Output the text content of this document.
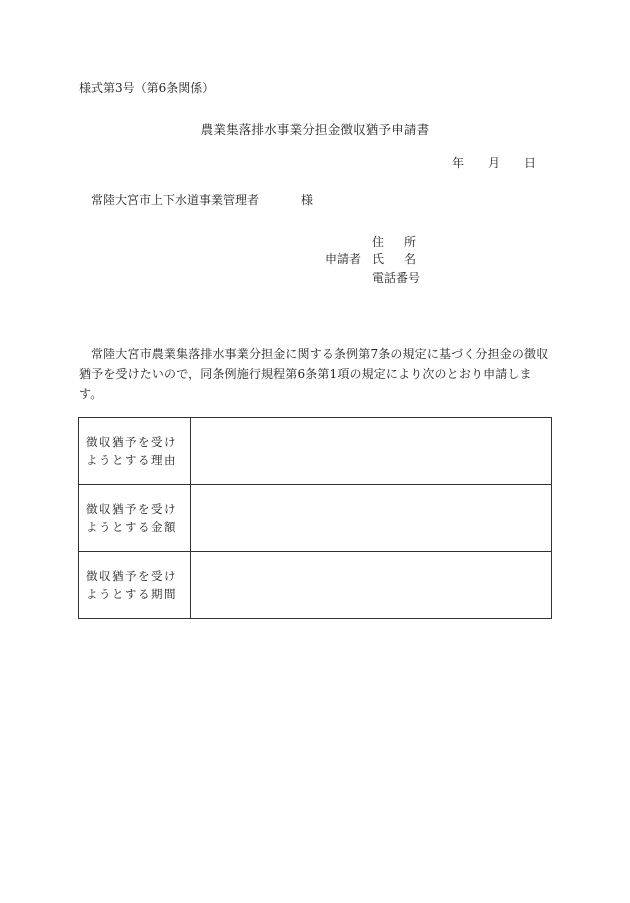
様式第3号（第6条関係）
農業集落排水事業分担金徴収猶予申請書
年 月 日
常陸大宮市上下水道事業管理者	様
住 所
申請者 氏 名
電話番号
常陸大宮市農業集落排水事業分担金に関する条例第7条の規定に基づく分担金の徴収猶予を受けたいので，同条例施行規程第6条第1項の規定により次のとおり申請します。
徴収猶予を受け
ようとする理由	

徴収猶予を受け
ようとする金額	

徴収猶予を受け
ようとする期間	
